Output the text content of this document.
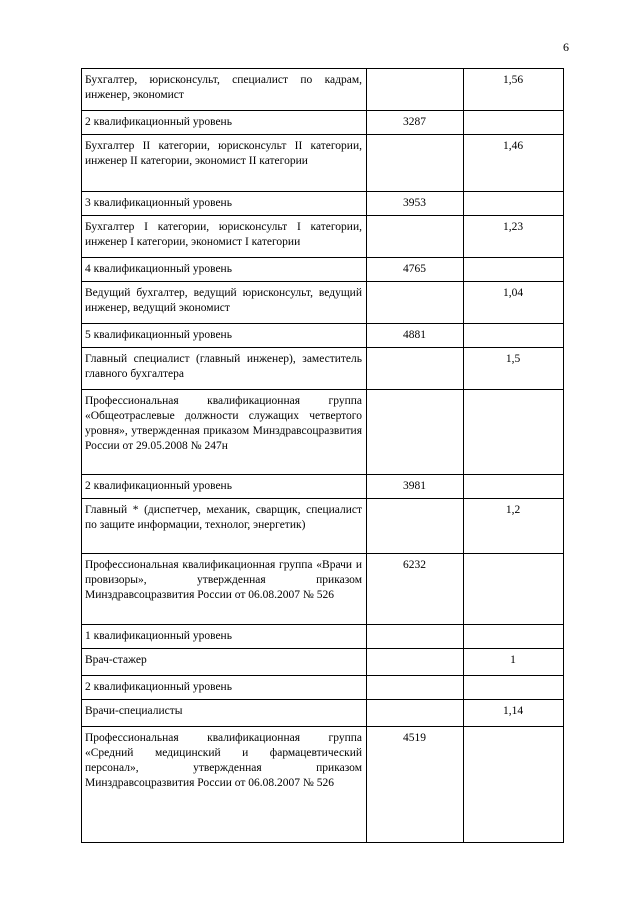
6
Бухгалтер, юрисконсульт, специалист по кадрам, инженер, экономист		1,56
2 квалификационный уровень	3287	
Бухгалтер II категории, юрисконсульт II категории, инженер II категории, экономист II категории		1,46
3 квалификационный уровень	3953	
Бухгалтер I категории, юрисконсульт I категории, инженер I категории, экономист I категории		1,23
4 квалификационный уровень	4765	
Ведущий бухгалтер, ведущий юрисконсульт, ведущий инженер, ведущий экономист		1,04
5 квалификационный уровень	4881	
Главный специалист (главный инженер), заместитель главного бухгалтера		1,5
Профессиональная квалификационная группа «Общеотраслевые должности служащих четвертого уровня», утвержденная приказом Минздравсоцразвития России от 29.05.2008 № 247н		
2 квалификационный уровень	3981	
Главный * (диспетчер, механик, сварщик, специалист по защите информации, технолог, энергетик)		1,2
Профессиональная квалификационная группа «Врачи и провизоры», утвержденная приказом Минздравсоцразвития России от 06.08.2007 № 526	6232	
1 квалификационный уровень		
Врач-стажер		1
2 квалификационный уровень		
Врачи-специалисты		1,14
Профессиональная квалификационная группа «Средний медицинский и фармацевтический персонал», утвержденная приказом Минздравсоцразвития России от 06.08.2007 № 526	4519	
